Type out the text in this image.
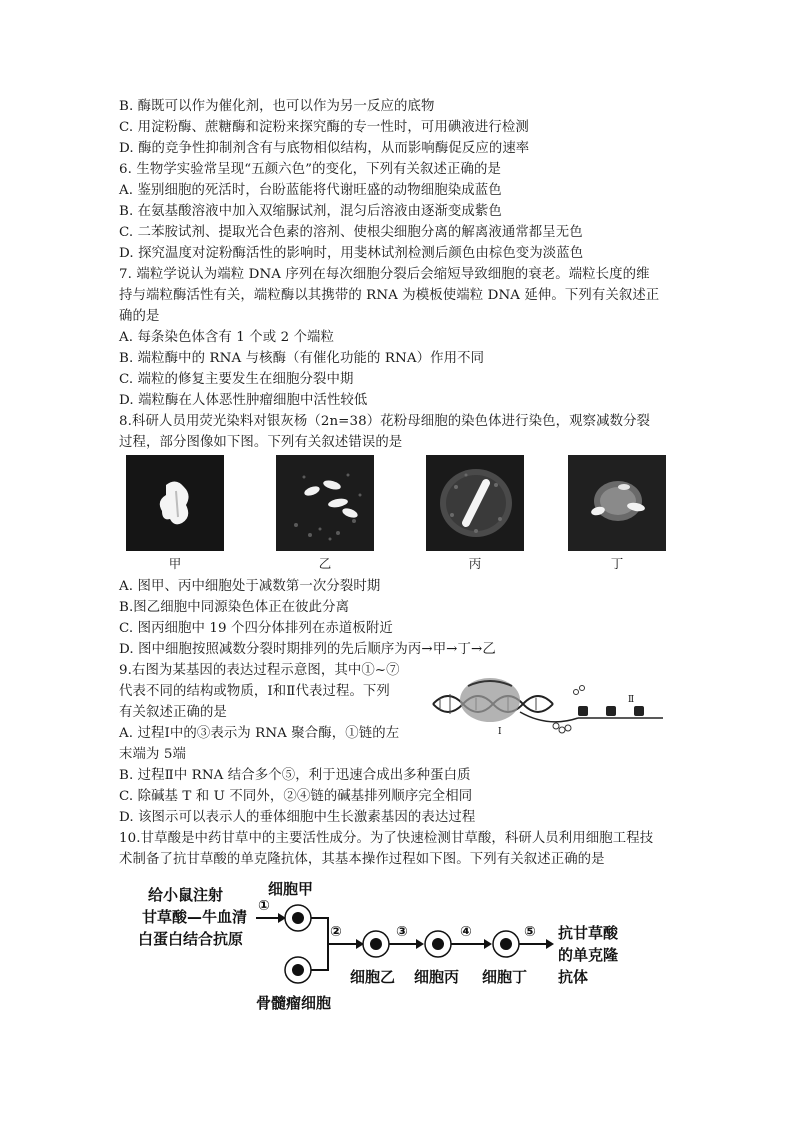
B. 酶既可以作为催化剂，也可以作为另一反应的底物
C. 用淀粉酶、蔗糖酶和淀粉来探究酶的专一性时，可用碘液进行检测
D. 酶的竞争性抑制剂含有与底物相似结构，从而影响酶促反应的速率
6. 生物学实验常呈现“五颜六色”的变化，下列有关叙述正确的是
A. 鉴别细胞的死活时，台盼蓝能将代谢旺盛的动物细胞染成蓝色
B. 在氨基酸溶液中加入双缩脲试剂，混匀后溶液由逐渐变成紫色
C. 二苯胺试剂、提取光合色素的溶剂、使根尖细胞分离的解离液通常都呈无色
D. 探究温度对淀粉酶活性的影响时，用斐林试剂检测后颜色由棕色变为淡蓝色
7. 端粒学说认为端粒 DNA 序列在每次细胞分裂后会缩短导致细胞的衰老。端粒长度的维
持与端粒酶活性有关，端粒酶以其携带的 RNA 为模板使端粒 DNA 延伸。下列有关叙述正
确的是
A. 每条染色体含有 1 个或 2 个端粒
B. 端粒酶中的 RNA 与核酶（有催化功能的 RNA）作用不同
C. 端粒的修复主要发生在细胞分裂中期
D. 端粒酶在人体恶性肿瘤细胞中活性较低
8.科研人员用荧光染料对银灰杨（2n=38）花粉母细胞的染色体进行染色，观察减数分裂
过程，部分图像如下图。下列有关叙述错误的是
甲	乙	丙	丁
A. 图甲、丙中细胞处于减数第一次分裂时期
B.图乙细胞中同源染色体正在彼此分离
C. 图丙细胞中 19 个四分体排列在赤道板附近
D. 图中细胞按照减数分裂时期排列的先后顺序为丙→甲→丁→乙
9.右图为某基因的表达过程示意图，其中①~⑦
代表不同的结构或物质，Ⅰ和Ⅱ代表过程。下列
有关叙述正确的是
A. 过程Ⅰ中的③表示为 RNA 聚合酶，①链的左
末端为 5端
B. 过程Ⅱ中 RNA 结合多个⑤，利于迅速合成出多种蛋白质
C. 除碱基 T 和 U 不同外，②④链的碱基排列顺序完全相同
D. 该图示可以表示人的垂体细胞中生长激素基因的表达过程
10.甘草酸是中药甘草中的主要活性成分。为了快速检测甘草酸，科研人员利用细胞工程技
术制备了抗甘草酸的单克隆抗体，其基本操作过程如下图。下列有关叙述正确的是
Ⅰ
Ⅱ
给小鼠注射
甘草酸—牛血清
白蛋白结合抗原
细胞甲
①
骨髓瘤细胞
②
细胞乙
③
细胞丙
④
细胞丁
⑤ 抗甘草酸
的单克隆
抗体
